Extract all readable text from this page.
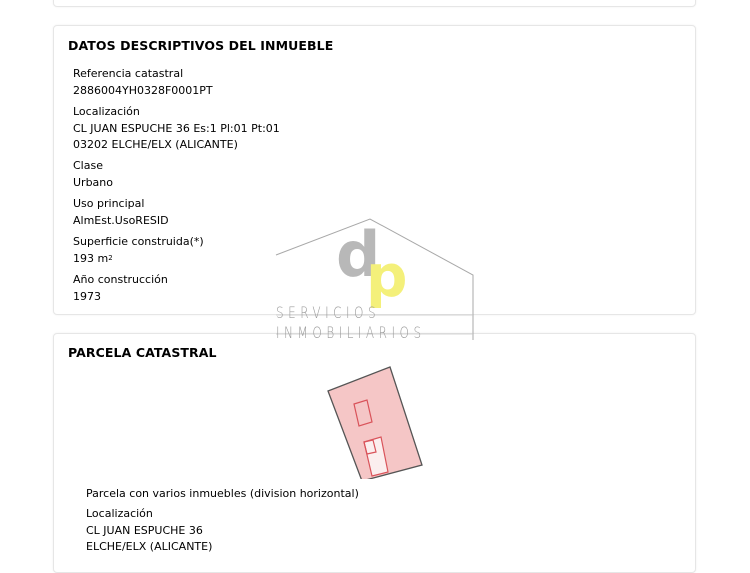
DATOS DESCRIPTIVOS DEL INMUEBLE
Referencia catastral
2886004YH0328F0001PT
Localización
CL JUAN ESPUCHE 36 Es:1 Pl:01 Pt:01
03202 ELCHE/ELX (ALICANTE)
Clase
Urbano
Uso principal
AlmEst.UsoRESID
Superficie construida(*)
193 $m^2$
Año construcción
1973
PARCELA CATASTRAL
Parcela con varios inmuebles (division horizontal)
Localización
CL JUAN ESPUCHE 36
ELCHE/ELX (ALICANTE)
d
p
SERVICIOS
INMOBILIARIOS
